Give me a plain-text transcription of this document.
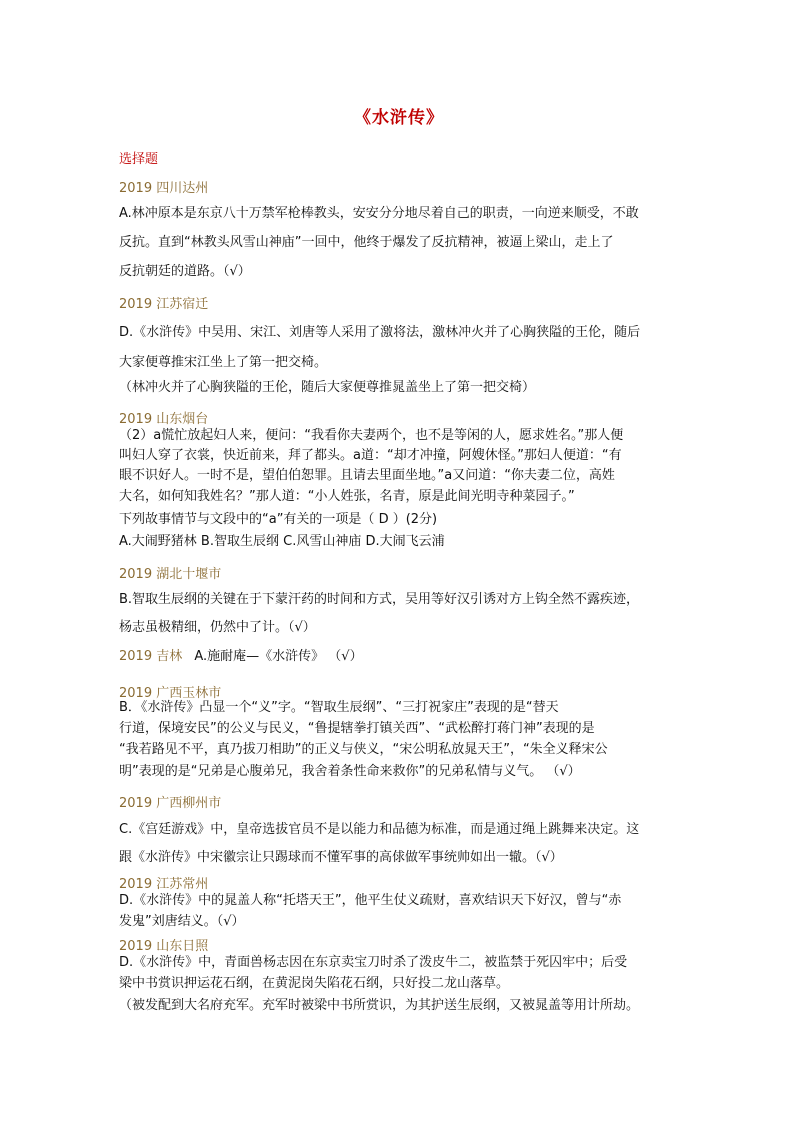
《水浒传》
选择题
2019 四川达州
A.林冲原本是东京八十万禁军枪棒教头，安安分分地尽着自己的职责，一向逆来顺受，不敢
反抗。直到“林教头风雪山神庙”一回中，他终于爆发了反抗精神，被逼上梁山，走上了
反抗朝廷的道路。（√）
2019 江苏宿迁
D.《水浒传》中吴用、宋江、刘唐等人采用了激将法，激林冲火并了心胸狭隘的王伦，随后
大家便尊推宋江坐上了第一把交椅。
（林冲火并了心胸狭隘的王伦，随后大家便尊推晁盖坐上了第一把交椅）
2019 山东烟台
（2）a慌忙放起妇人来，便问：“我看你夫妻两个，也不是等闲的人，愿求姓名。”那人便
叫妇人穿了衣裳，快近前来，拜了都头。a道：“却才冲撞，阿嫂休怪。”那妇人便道：“有
眼不识好人。一时不是，望伯伯恕罪。且请去里面坐地。”a又问道：“你夫妻二位，高姓
大名，如何知我姓名？”那人道：“小人姓张，名青，原是此间光明寺种菜园子。”
下列故事情节与文段中的“a”有关的一项是（ D ）(2分)
A.大闹野猪林 B.智取生辰纲 C.风雪山神庙 D.大闹飞云浦
2019 湖北十堰市
B.智取生辰纲的关键在于下蒙汗药的时间和方式，吴用等好汉引诱对方上钩全然不露疾迹，
杨志虽极精细，仍然中了计。（√）
2019 吉林 A.施耐庵—《水浒传》 （√）
2019 广西玉林市
B．《水浒传》凸显一个“义”字。“智取生辰纲”、“三打祝家庄”表现的是“替天
行道，保境安民”的公义与民义，“鲁提辖拳打镇关西”、“武松醉打蒋门神”表现的是
“我若路见不平，真乃拔刀相助”的正义与侠义，“宋公明私放晁天王”，“朱全义释宋公
明”表现的是“兄弟是心腹弟兄，我舍着条性命来救你”的兄弟私情与义气。 （√）
2019 广西柳州市
C.《宫廷游戏》中，皇帝选拔官员不是以能力和品德为标准，而是通过绳上跳舞来决定。这
跟《水浒传》中宋徽宗让只踢球而不懂军事的高俅做军事统帅如出一辙。（√）
2019 江苏常州
D.《水浒传》中的晁盖人称“托塔天王”，他平生仗义疏财，喜欢结识天下好汉，曾与“赤
发鬼”刘唐结义。（√）
2019 山东日照
D.《水浒传》中，青面兽杨志因在东京卖宝刀时杀了泼皮牛二，被监禁于死囚牢中；后受
梁中书赏识押运花石纲，在黄泥岗失陷花石纲，只好投二龙山落草。
（被发配到大名府充军。充军时被梁中书所赏识，为其护送生辰纲，又被晁盖等用计所劫。
